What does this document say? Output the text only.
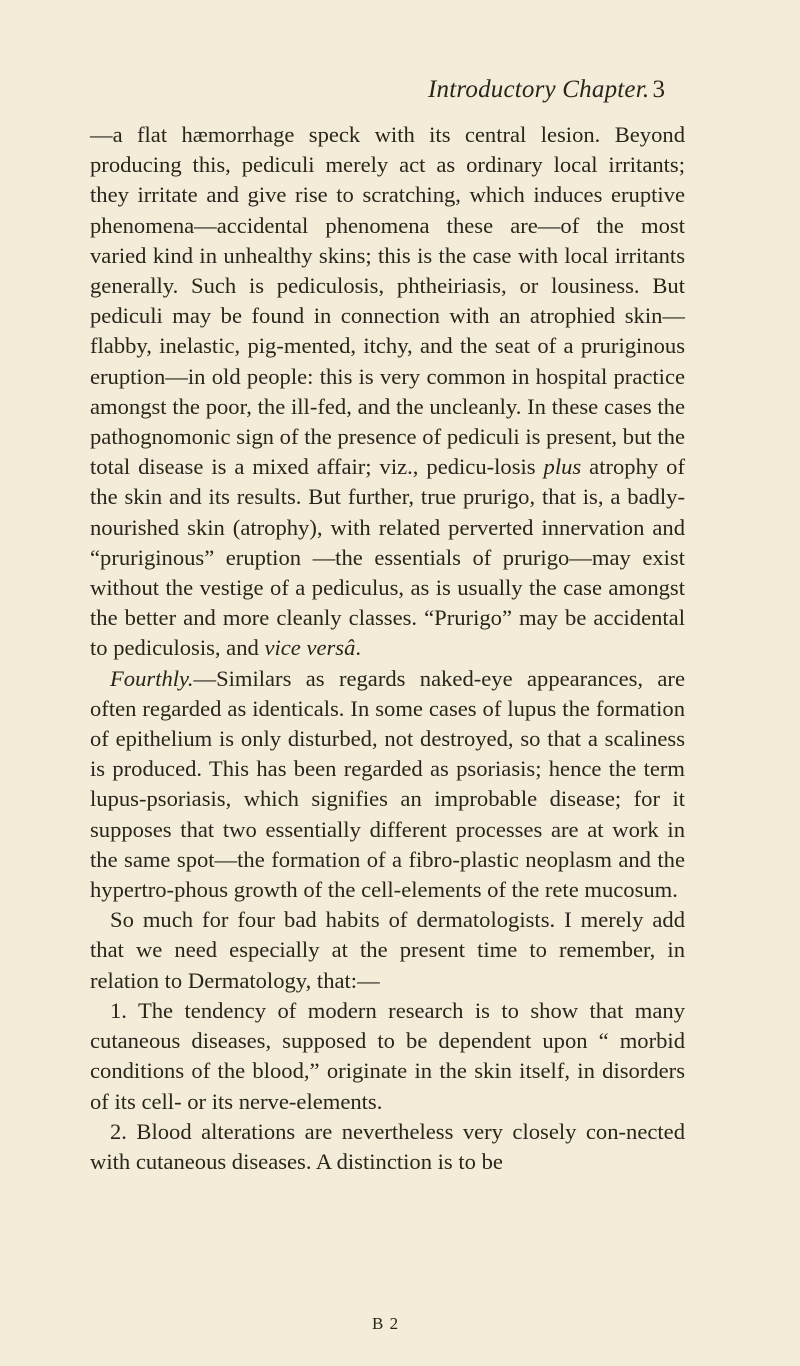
Introductory Chapter. 3

—a flat hæmorrhage speck with its central lesion. Beyond producing this, pediculi merely act as ordinary local irritants; they irritate and give rise to scratching, which induces eruptive phenomena—accidental phenomena these are—of the most varied kind in unhealthy skins; this is the case with local irritants generally. Such is pediculosis, phtheiriasis, or lousiness. But pediculi may be found in connection with an atrophied skin—flabby, inelastic, pig-mented, itchy, and the seat of a pruriginous eruption—in old people: this is very common in hospital practice amongst the poor, the ill-fed, and the uncleanly. In these cases the pathognomonic sign of the presence of pediculi is present, but the total disease is a mixed affair; viz., pedicu-losis plus atrophy of the skin and its results. But further, true prurigo, that is, a badly-nourished skin (atrophy), with related perverted innervation and “pruriginous” eruption —the essentials of prurigo—may exist without the vestige of a pediculus, as is usually the case amongst the better and more cleanly classes. “Prurigo” may be accidental to pediculosis, and vice versâ.

Fourthly.—Similars as regards naked-eye appearances, are often regarded as identicals. In some cases of lupus the formation of epithelium is only disturbed, not destroyed, so that a scaliness is produced. This has been regarded as psoriasis; hence the term lupus-psoriasis, which signifies an improbable disease; for it supposes that two essentially different processes are at work in the same spot—the formation of a fibro-plastic neoplasm and the hypertro-phous growth of the cell-elements of the rete mucosum.

So much for four bad habits of dermatologists. I merely add that we need especially at the present time to remember, in relation to Dermatology, that:—

1. The tendency of modern research is to show that many cutaneous diseases, supposed to be dependent upon “ morbid conditions of the blood,” originate in the skin itself, in disorders of its cell- or its nerve-elements.

2. Blood alterations are nevertheless very closely con-nected with cutaneous diseases. A distinction is to be

B 2
